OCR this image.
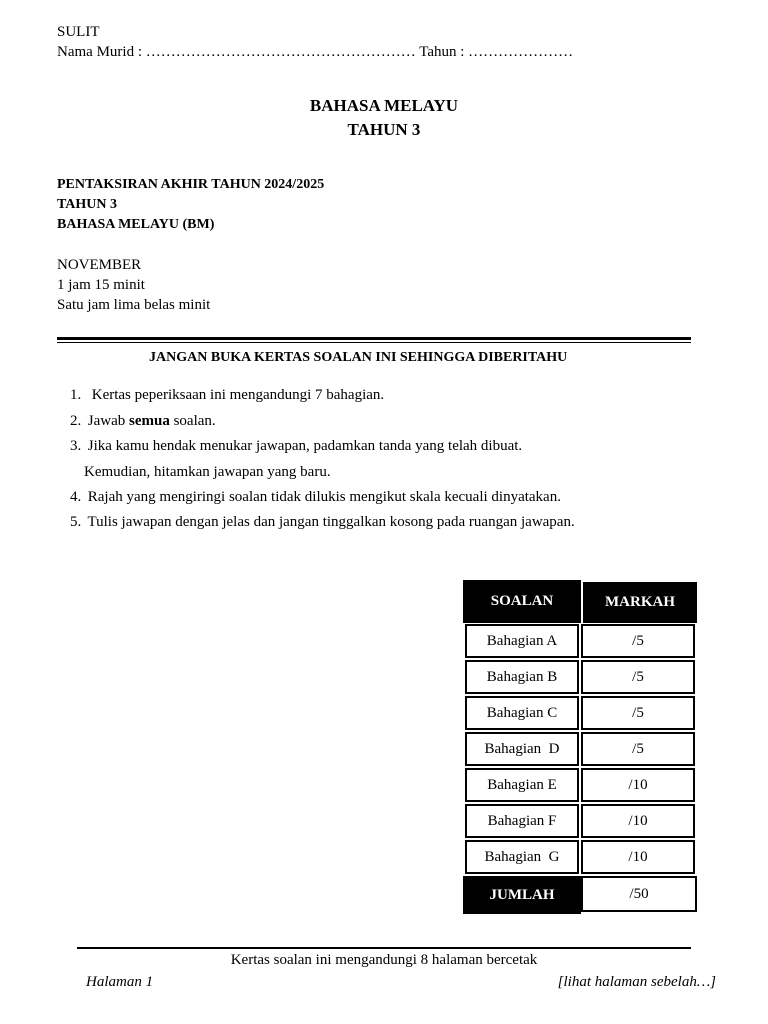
SULIT
Nama Murid : ……………………………………………… Tahun : …………………
BAHASA MELAYU
TAHUN 3
PENTAKSIRAN AKHIR TAHUN 2024/2025
TAHUN 3
BAHASA MELAYU (BM)
NOVEMBER
1 jam 15 minit
Satu jam lima belas minit
JANGAN BUKA KERTAS SOALAN INI SEHINGGA DIBERITAHU
1. Kertas peperiksaan ini mengandungi 7 bahagian.
2. Jawab semua soalan.
3. Jika kamu hendak menukar jawapan, padamkan tanda yang telah dibuat.
Kemudian, hitamkan jawapan yang baru.
4. Rajah yang mengiringi soalan tidak dilukis mengikut skala kecuali dinyatakan.
5. Tulis jawapan dengan jelas dan jangan tinggalkan kosong pada ruangan jawapan.
SOALAN	MARKAH
Bahagian A	/5
Bahagian B	/5
Bahagian C	/5
Bahagian  D	/5
Bahagian E	/10
Bahagian F	/10
Bahagian  G	/10
JUMLAH	/50
Kertas soalan ini mengandungi 8 halaman bercetak
Halaman 1	[lihat halaman sebelah…]
